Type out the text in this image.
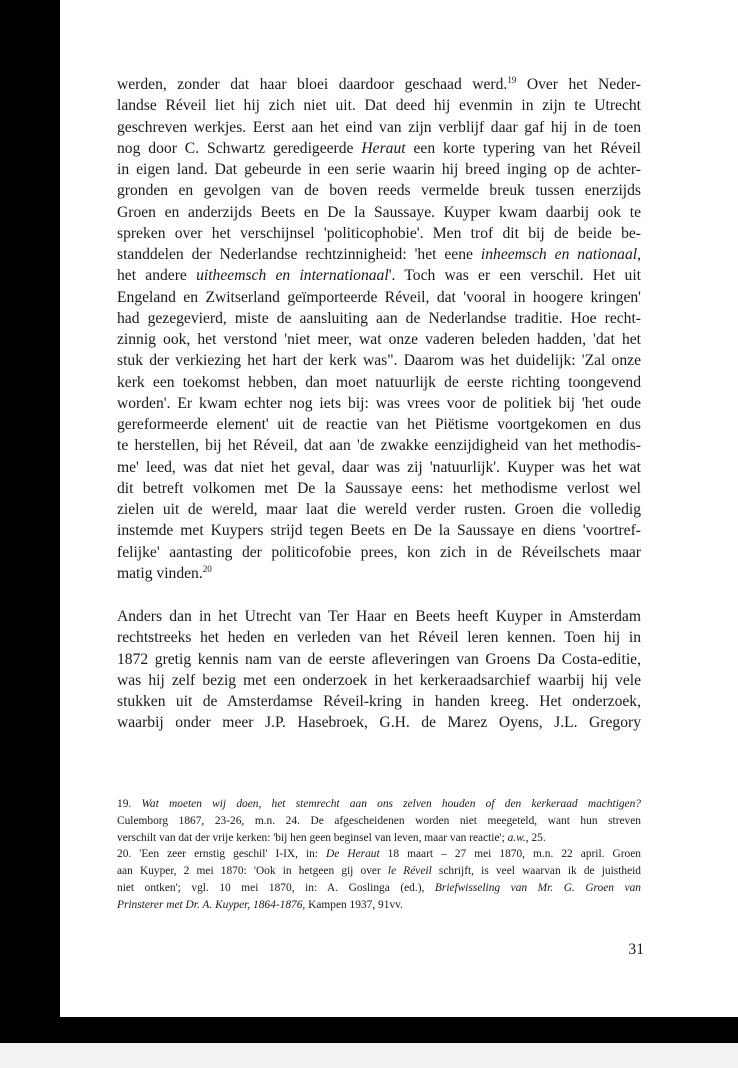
werden, zonder dat haar bloei daardoor geschaad werd.$^{19}$ Over het Neder-
landse Réveil liet hij zich niet uit. Dat deed hij evenmin in zijn te Utrecht
geschreven werkjes. Eerst aan het eind van zijn verblijf daar gaf hij in de toen
nog door C. Schwartz geredigeerde Heraut een korte typering van het Réveil
in eigen land. Dat gebeurde in een serie waarin hij breed inging op de achter-
gronden en gevolgen van de boven reeds vermelde breuk tussen enerzijds
Groen en anderzijds Beets en De la Saussaye. Kuyper kwam daarbij ook te
spreken over het verschijnsel 'politicophobie'. Men trof dit bij de beide be-
standdelen der Nederlandse rechtzinnigheid: 'het eene inheemsch en nationaal,
het andere uitheemsch en internationaal'. Toch was er een verschil. Het uit
Engeland en Zwitserland geïmporteerde Réveil, dat 'vooral in hoogere kringen'
had gezegevierd, miste de aansluiting aan de Nederlandse traditie. Hoe recht-
zinnig ook, het verstond 'niet meer, wat onze vaderen beleden hadden, 'dat het
stuk der verkiezing het hart der kerk was". Daarom was het duidelijk: 'Zal onze
kerk een toekomst hebben, dan moet natuurlijk de eerste richting toongevend
worden'. Er kwam echter nog iets bij: was vrees voor de politiek bij 'het oude
gereformeerde element' uit de reactie van het Piëtisme voortgekomen en dus
te herstellen, bij het Réveil, dat aan 'de zwakke eenzijdigheid van het methodis-
me' leed, was dat niet het geval, daar was zij 'natuurlijk'. Kuyper was het wat
dit betreft volkomen met De la Saussaye eens: het methodisme verlost wel
zielen uit de wereld, maar laat die wereld verder rusten. Groen die volledig
instemde met Kuypers strijd tegen Beets en De la Saussaye en diens 'voortref-
felijke' aantasting der politicofobie prees, kon zich in de Réveilschets maar
matig vinden.$^{20}$
Anders dan in het Utrecht van Ter Haar en Beets heeft Kuyper in Amsterdam
rechtstreeks het heden en verleden van het Réveil leren kennen. Toen hij in
1872 gretig kennis nam van de eerste afleveringen van Groens Da Costa-editie,
was hij zelf bezig met een onderzoek in het kerkeraadsarchief waarbij hij vele
stukken uit de Amsterdamse Réveil-kring in handen kreeg. Het onderzoek,
waarbij onder meer J.P. Hasebroek, G.H. de Marez Oyens, J.L. Gregory
19. Wat moeten wij doen, het stemrecht aan ons zelven houden of den kerkeraad machtigen?
Culemborg 1867, 23-26, m.n. 24. De afgescheidenen worden niet meegeteld, want hun streven
verschilt van dat der vrije kerken: 'bij hen geen beginsel van leven, maar van reactie'; a.w., 25.
20. 'Een zeer ernstig geschil' I-IX, in: De Heraut 18 maart – 27 mei 1870, m.n. 22 april. Groen
aan Kuyper, 2 mei 1870: 'Ook in hetgeen gij over le Réveil schrijft, is veel waarvan ik de juistheid
niet ontken'; vgl. 10 mei 1870, in: A. Goslinga (ed.), Briefwisseling van Mr. G. Groen van
Prinsterer met Dr. A. Kuyper, 1864-1876, Kampen 1937, 91vv.
31
